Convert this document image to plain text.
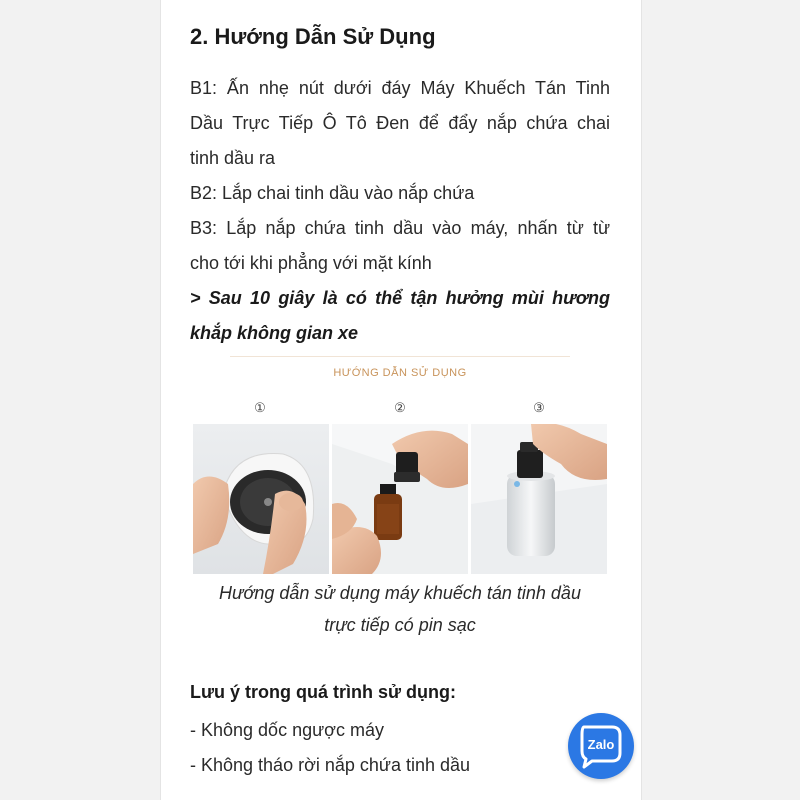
2. Hướng Dẫn Sử Dụng
B1: Ấn nhẹ nút dưới đáy Máy Khuếch Tán Tinh
Dầu Trực Tiếp Ô Tô Đen để đẩy nắp chứa chai
tinh dầu ra
B2: Lắp chai tinh dầu vào nắp chứa
B3: Lắp nắp chứa tinh dầu vào máy, nhấn từ từ
cho tới khi phẳng với mặt kính
> Sau 10 giây là có thể tận hưởng mùi hương
khắp không gian xe
HƯỚNG DẪN SỬ DỤNG
①	②	③
Hướng dẫn sử dụng máy khuếch tán tinh dầu
trực tiếp có pin sạc
Lưu ý trong quá trình sử dụng:
- Không dốc ngược máy
- Không tháo rời nắp chứa tinh dầu
Zalo
